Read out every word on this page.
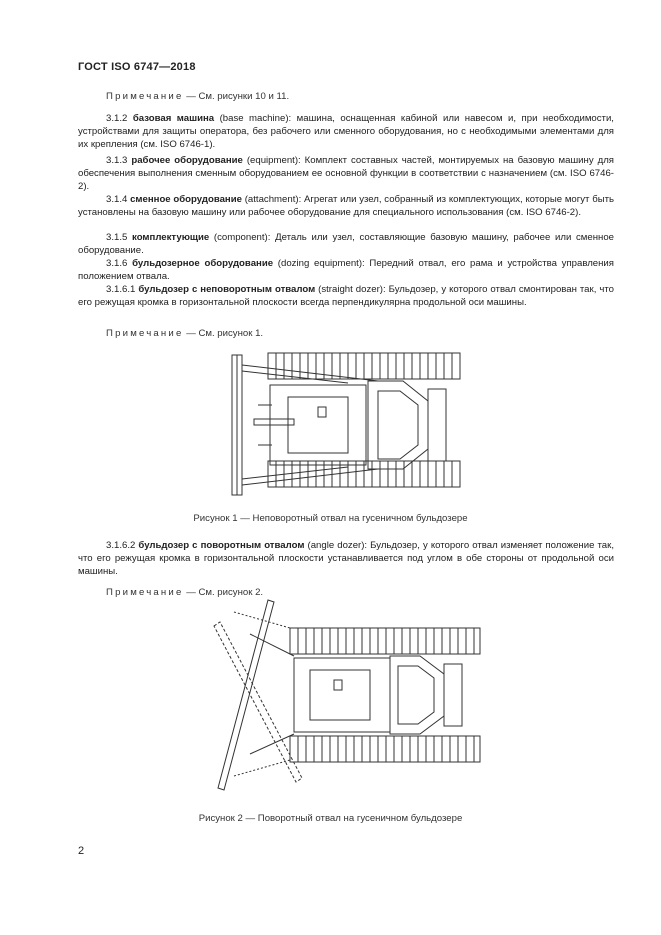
ГОСТ ISO 6747—2018
Примечание — См. рисунки 10 и 11.
3.1.2 базовая машина (base machine): машина, оснащенная кабиной или навесом и, при необходимости, устройствами для защиты оператора, без рабочего или сменного оборудования, но с необходимыми элементами для их крепления (см. ISO 6746-1).
3.1.3 рабочее оборудование (equipment): Комплект составных частей, монтируемых на базовую машину для обеспечения выполнения сменным оборудованием ее основной функции в соответствии с назначением (см. ISO 6746-2).
3.1.4 сменное оборудование (attachment): Агрегат или узел, собранный из комплектующих, которые могут быть установлены на базовую машину или рабочее оборудование для специального использования (см. ISO 6746-2).
3.1.5 комплектующие (component): Деталь или узел, составляющие базовую машину, рабочее или сменное оборудование.
3.1.6 бульдозерное оборудование (dozing equipment): Передний отвал, его рама и устройства управления положением отвала.
3.1.6.1 бульдозер с неповоротным отвалом (straight dozer): Бульдозер, у которого отвал смонтирован так, что его режущая кромка в горизонтальной плоскости всегда перпендикулярна продольной оси машины.
Примечание — См. рисунок 1.
Рисунок 1 — Неповоротный отвал на гусеничном бульдозере
3.1.6.2 бульдозер с поворотным отвалом (angle dozer): Бульдозер, у которого отвал изменяет положение так, что его режущая кромка в горизонтальной плоскости устанавливается под углом в обе стороны от продольной оси машины.
Примечание — См. рисунок 2.
Рисунок 2 — Поворотный отвал на гусеничном бульдозере
2
